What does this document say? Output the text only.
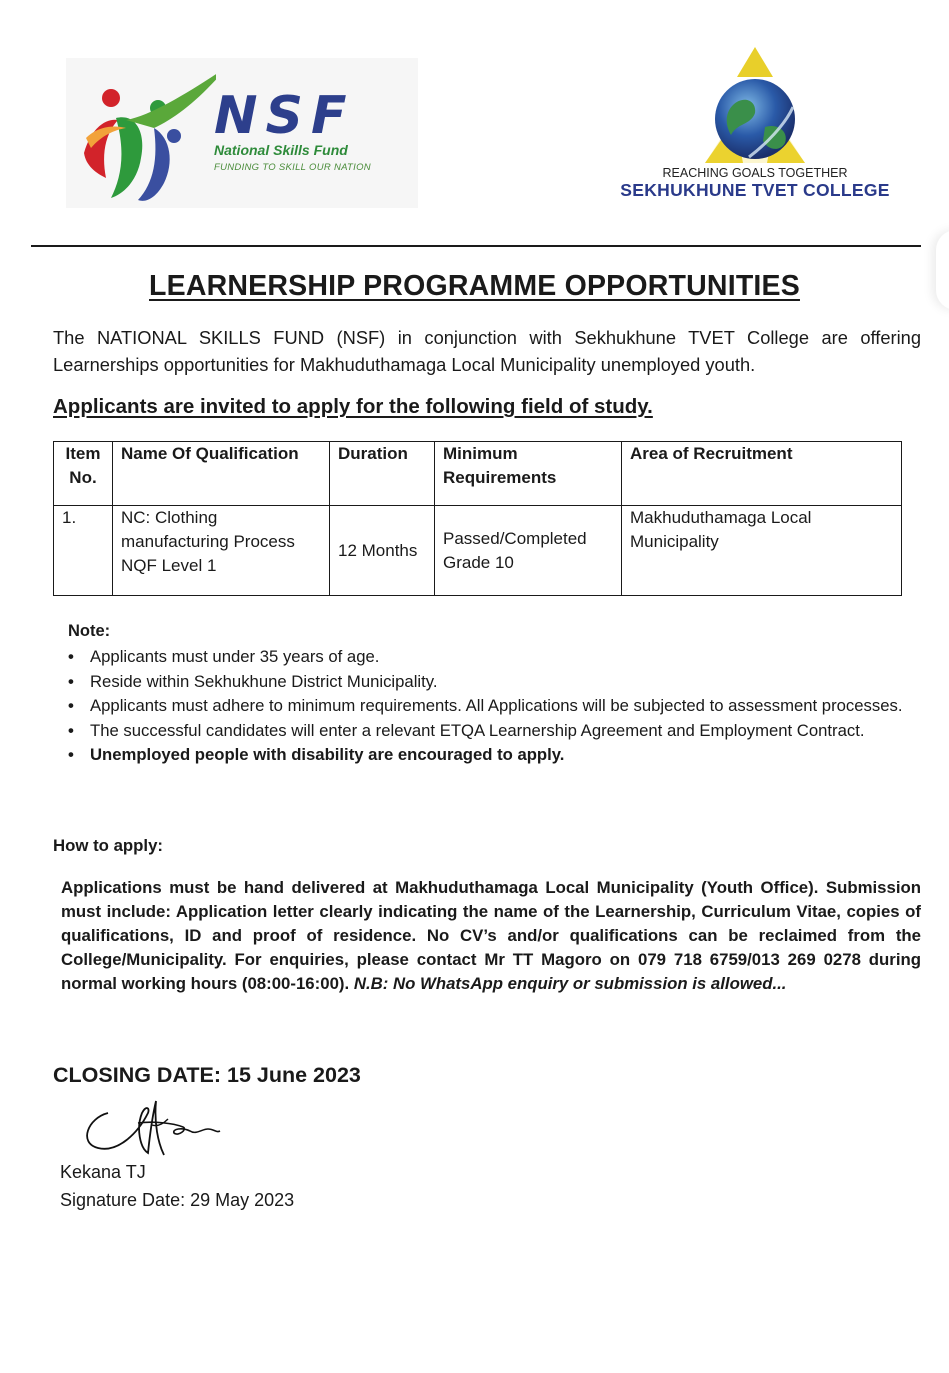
NSF
National Skills Fund
FUNDING TO SKILL OUR NATION	REACHING GOALS TOGETHER
SEKHUKHUNE TVET COLLEGE
LEARNERSHIP PROGRAMME OPPORTUNITIES
The NATIONAL SKILLS FUND (NSF) in conjunction with Sekhukhune TVET College are offering Learnerships opportunities for Makhuduthamaga Local Municipality unemployed youth.
Applicants are invited to apply for the following field of study.
Item No.	Name Of Qualification	Duration	Minimum Requirements	Area of Recruitment
1.	NC: Clothing manufacturing Process NQF Level 1	12 Months	Passed/Completed Grade 10	Makhuduthamaga Local Municipality
Note:
• Applicants must under 35 years of age.
• Reside within Sekhukhune District Municipality.
• Applicants must adhere to minimum requirements. All Applications will be subjected to assessment processes.
• The successful candidates will enter a relevant ETQA Learnership Agreement and Employment Contract.
• Unemployed people with disability are encouraged to apply.
How to apply:
Applications must be hand delivered at Makhuduthamaga Local Municipality (Youth Office). Submission must include: Application letter clearly indicating the name of the Learnership, Curriculum Vitae, copies of qualifications, ID and proof of residence. No CV’s and/or qualifications can be reclaimed from the College/Municipality. For enquiries, please contact Mr TT Magoro on 079 718 6759/013 269 0278 during normal working hours (08:00-16:00). N.B: No WhatsApp enquiry or submission is allowed...
CLOSING DATE: 15 June 2023
Kekana TJ
Signature Date: 29 May 2023
